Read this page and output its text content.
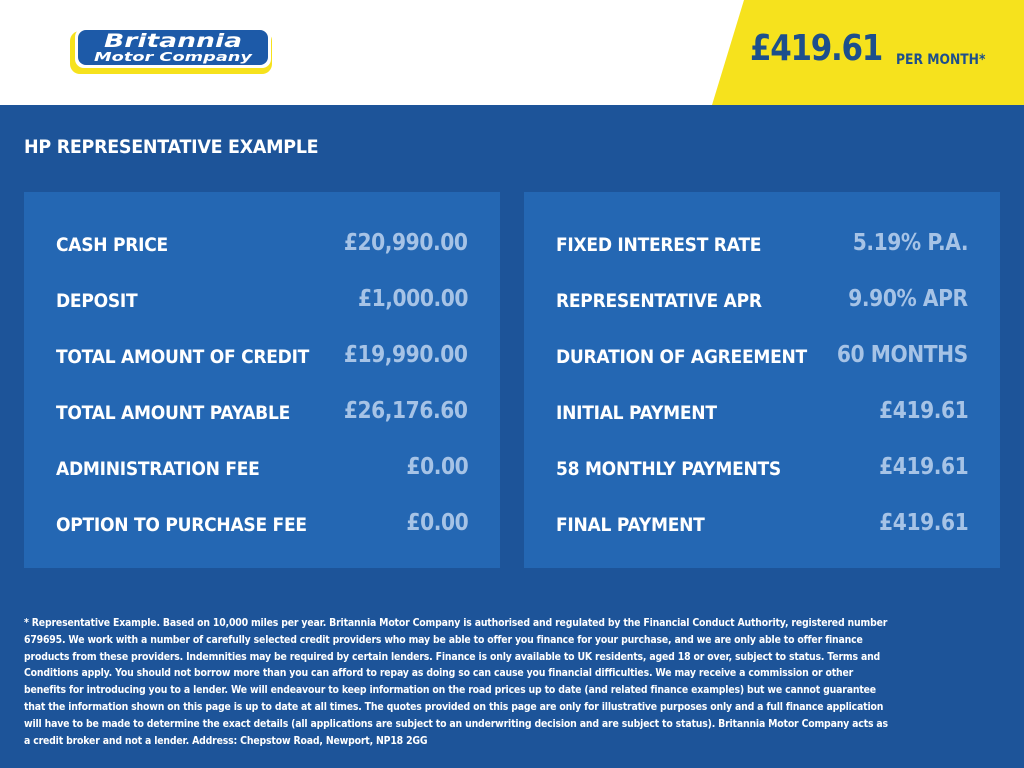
Britannia
Motor Company	£419.61 PER MONTH*
HP REPRESENTATIVE EXAMPLE
CASH PRICE	£20,990.00
DEPOSIT	£1,000.00
TOTAL AMOUNT OF CREDIT £19,990.00
TOTAL AMOUNT PAYABLE £26,176.60
ADMINISTRATION FEE	£0.00
OPTION TO PURCHASE FEE	£0.00
FIXED INTEREST RATE	5.19% P.A.
REPRESENTATIVE APR	9.90% APR
DURATION OF AGREEMENT 60 MONTHS
INITIAL PAYMENT	£419.61
58 MONTHLY PAYMENTS	£419.61
FINAL PAYMENT	£419.61
* Representative Example. Based on 10,000 miles per year. Britannia Motor Company is authorised and regulated by the Financial Conduct Authority, registered number 679695. We work with a number of carefully selected credit providers who may be able to offer you finance for your purchase, and we are only able to offer finance products from these providers. Indemnities may be required by certain lenders. Finance is only available to UK residents, aged 18 or over, subject to status. Terms and Conditions apply. You should not borrow more than you can afford to repay as doing so can cause you financial difficulties. We may receive a commission or other benefits for introducing you to a lender. We will endeavour to keep information on the road prices up to date (and related finance examples) but we cannot guarantee that the information shown on this page is up to date at all times. The quotes provided on this page are only for illustrative purposes only and a full finance application will have to be made to determine the exact details (all applications are subject to an underwriting decision and are subject to status). Britannia Motor Company acts as a credit broker and not a lender. Address: Chepstow Road, Newport, NP18 2GG
